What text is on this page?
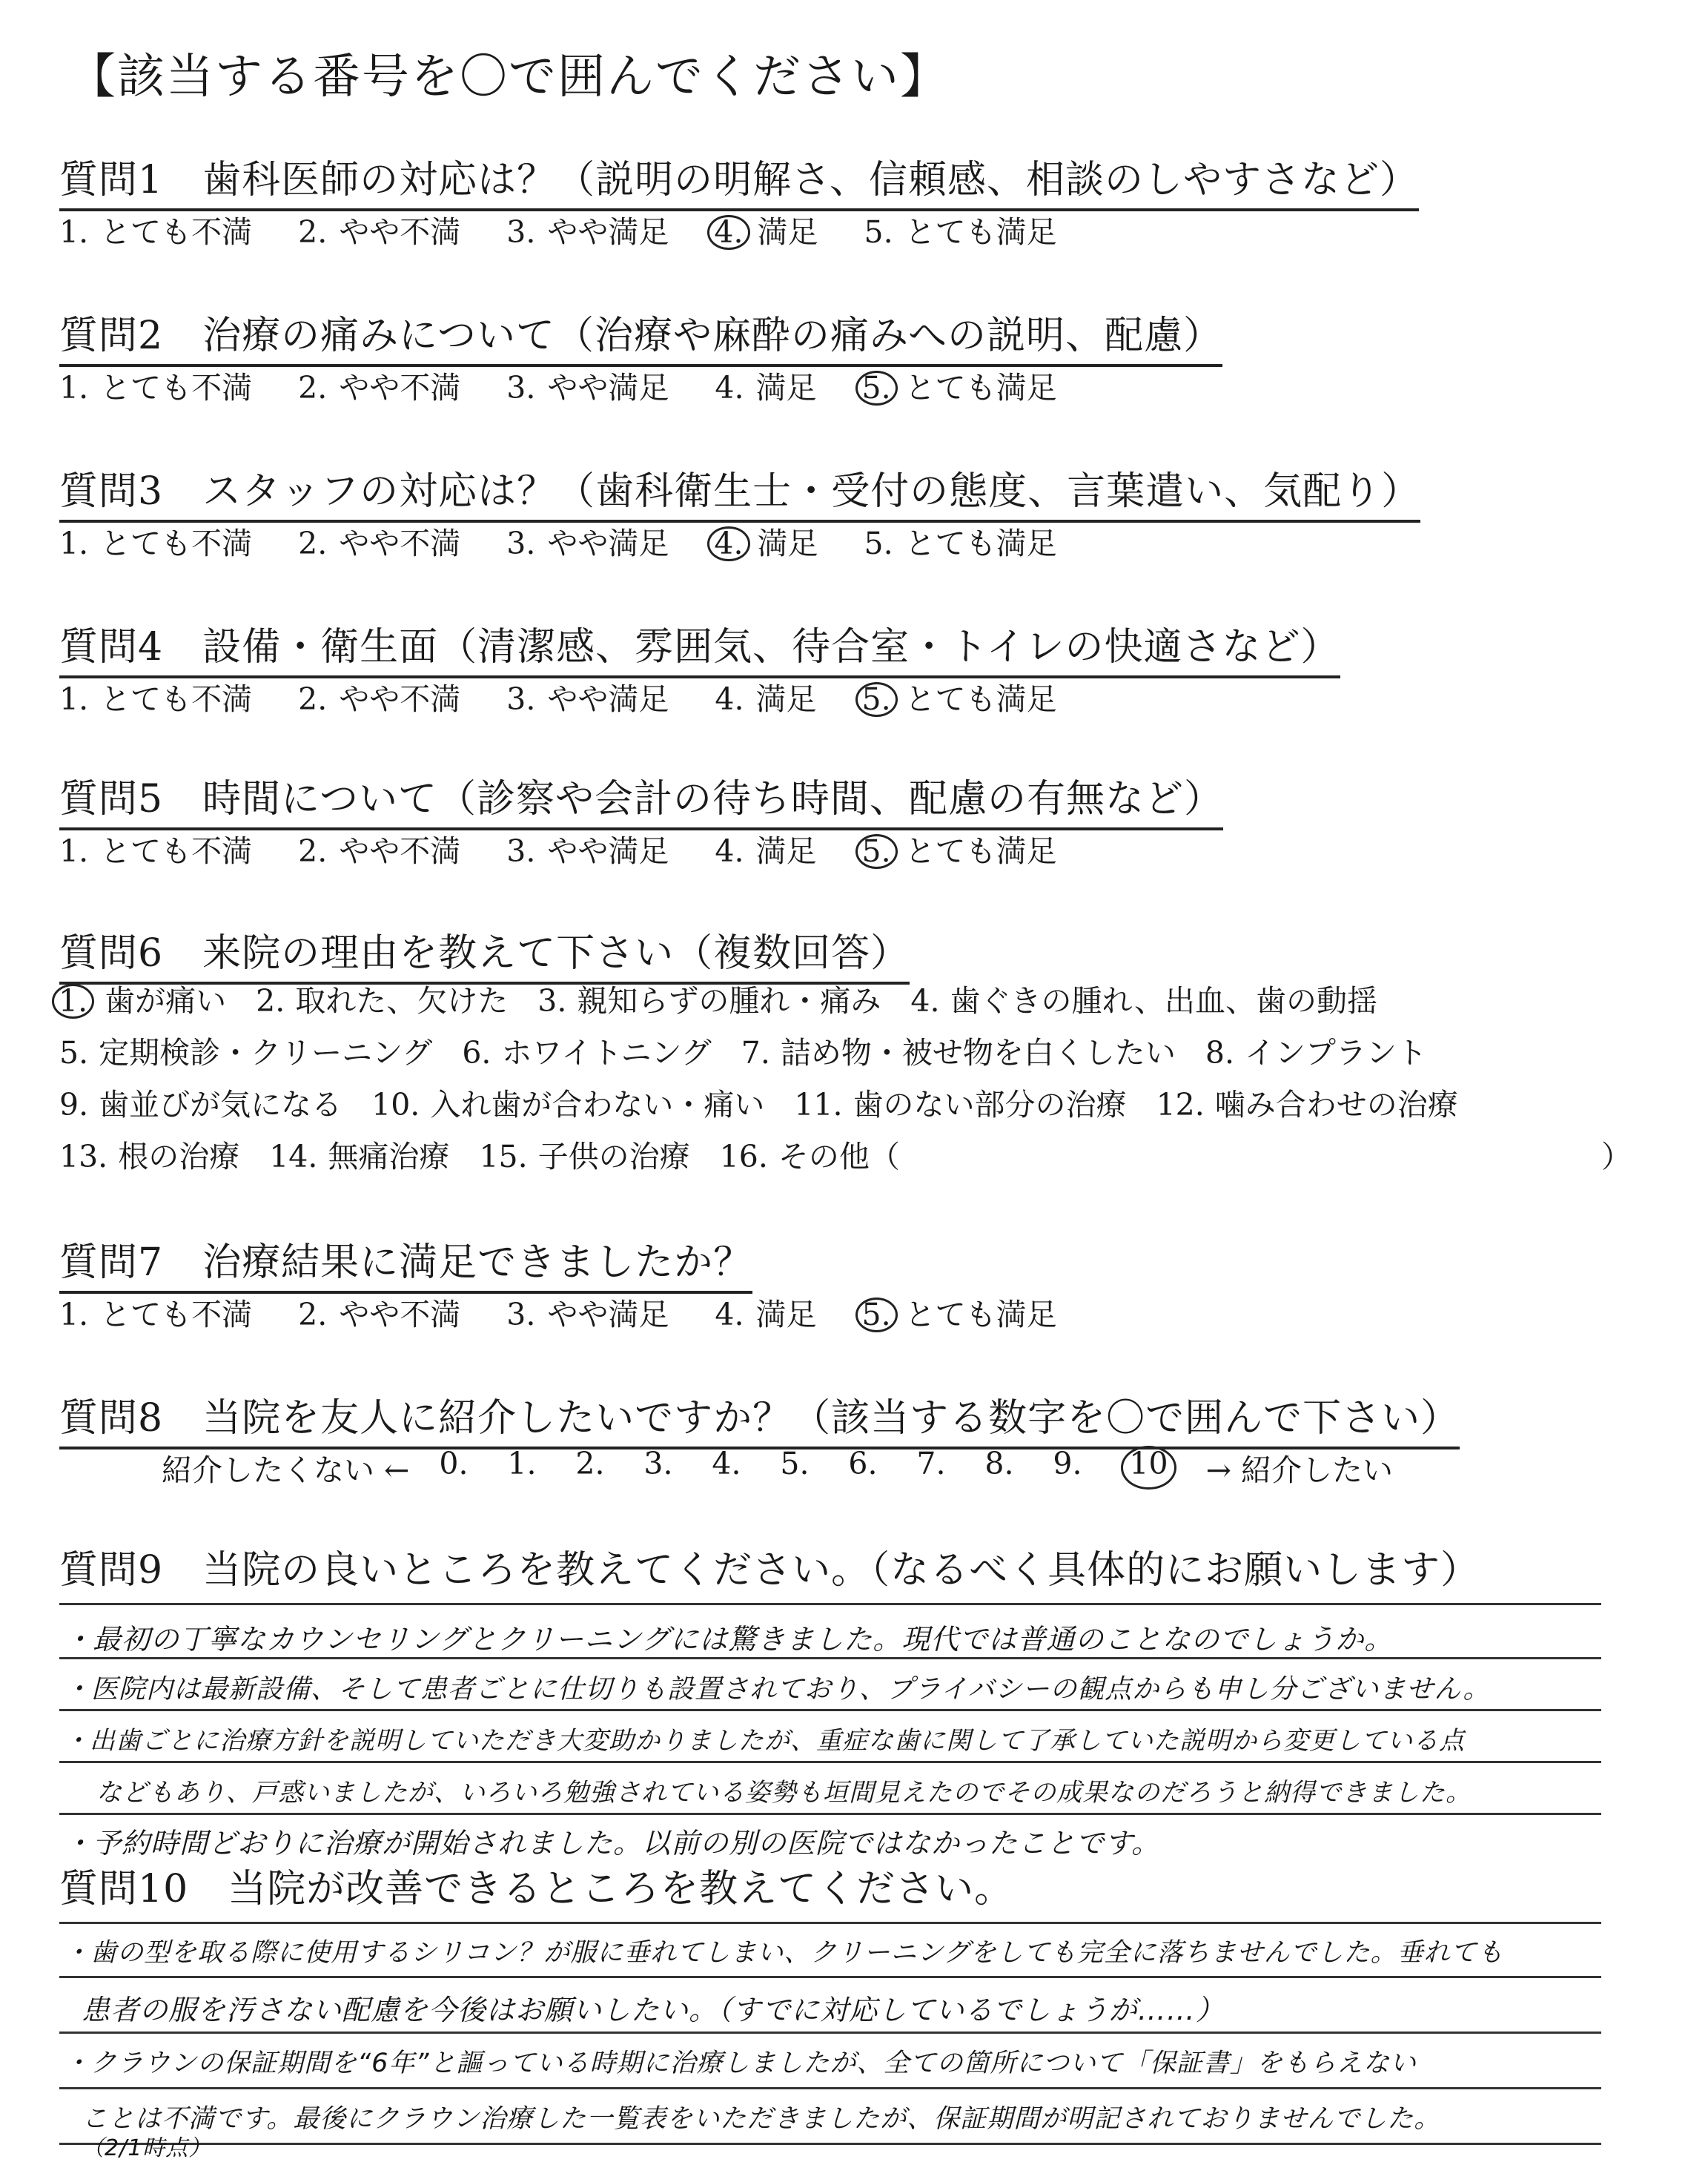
【該当する番号を〇で囲んでください】
質問1　歯科医師の対応は？（説明の明解さ、信頼感、相談のしやすさなど）
1. とても不満 2. やや不満 3. やや満足 4. 満足 5. とても満足
質問2　治療の痛みについて（治療や麻酔の痛みへの説明、配慮）
1. とても不満 2. やや不満 3. やや満足 4. 満足 5. とても満足
質問3　スタッフの対応は？（歯科衛生士・受付の態度、言葉遣い、気配り）
1. とても不満 2. やや不満 3. やや満足 4. 満足 5. とても満足
質問4　設備・衛生面（清潔感、雰囲気、待合室・トイレの快適さなど）
1. とても不満 2. やや不満 3. やや満足 4. 満足 5. とても満足
質問5　時間について（診察や会計の待ち時間、配慮の有無など）
1. とても不満 2. やや不満 3. やや満足 4. 満足 5. とても満足
質問6　来院の理由を教えて下さい（複数回答）
1. 歯が痛い 2. 取れた、欠けた 3. 親知らずの腫れ・痛み 4. 歯ぐきの腫れ、出血、歯の動揺
5. 定期検診・クリーニング 6. ホワイトニング 7. 詰め物・被せ物を白くしたい 8. インプラント
9. 歯並びが気になる 10. 入れ歯が合わない・痛い 11. 歯のない部分の治療 12. 噛み合わせの治療
13. 根の治療 14. 無痛治療 15. 子供の治療 16. その他（	）
質問7　治療結果に満足できましたか？
1. とても不満 2. やや不満 3. やや満足 4. 満足 5. とても満足
質問8　当院を友人に紹介したいですか？（該当する数字を〇で囲んで下さい）
紹介したくない ← 0.	1.	2.	3.	4.	5.	6.	7.	8.	9.	10 → 紹介したい
質問9　当院の良いところを教えてください。（なるべく具体的にお願いします）
・最初の丁寧なカウンセリングとクリーニングには驚きました。現代では普通のことなのでしょうか。
・医院内は最新設備、そして患者ごとに仕切りも設置されており、プライバシーの観点からも申し分ございません。
・出歯ごとに治療方針を説明していただき大変助かりましたが、重症な歯に関して了承していた説明から変更している点
などもあり、戸惑いましたが、いろいろ勉強されている姿勢も垣間見えたのでその成果なのだろうと納得できました。
・予約時間どおりに治療が開始されました。以前の別の医院ではなかったことです。
質問10　当院が改善できるところを教えてください。
・歯の型を取る際に使用するシリコン？が服に垂れてしまい、クリーニングをしても完全に落ちませんでした。垂れても
患者の服を汚さない配慮を今後はお願いしたい。（すでに対応しているでしょうが……）
・クラウンの保証期間を“6年”と謳っている時期に治療しましたが、全ての箇所について「保証書」をもらえない
ことは不満です。最後にクラウン治療した一覧表をいただきましたが、保証期間が明記されておりませんでした。
（2/1時点）
